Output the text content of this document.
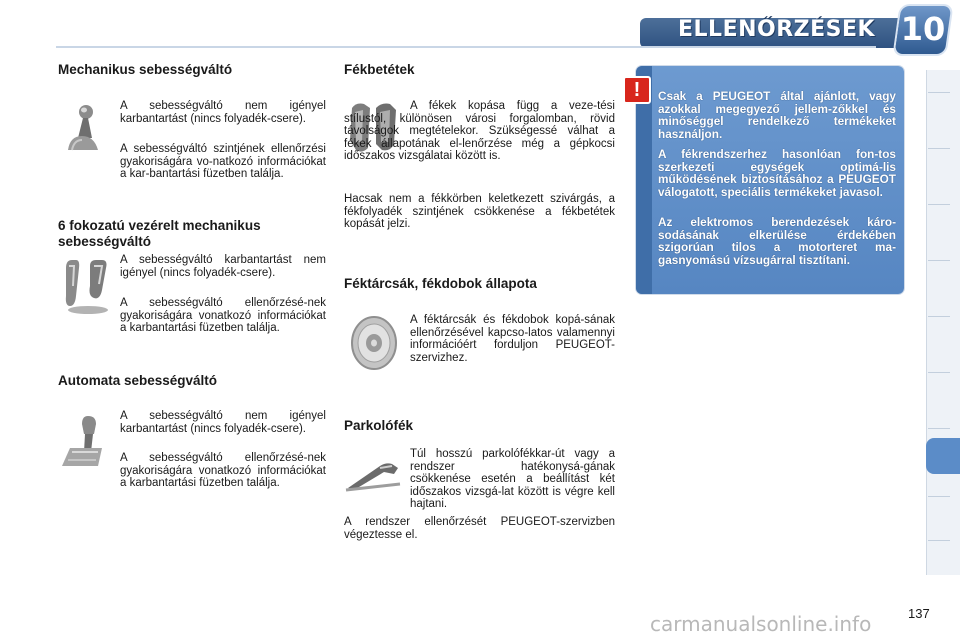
ELLENŐRZÉSEK 10
Mechanikus sebességváltó

A sebességváltó nem igényel karbantartást (nincs folyadék-csere).

A sebességváltó szintjének ellenőrzési gyakoriságára vo-natkozó információkat a kar-bantartási füzetben találja.

6 fokozatú vezérelt mechanikus sebességváltó

A sebességváltó karbantartást nem igényel (nincs folyadék-csere).

A sebességváltó ellenőrzésé-nek gyakoriságára vonatkozó információkat a karbantartási füzetben találja.

Automata sebességváltó

A sebességváltó nem igényel karbantartást (nincs folyadék-csere).

A sebességváltó ellenőrzésé-nek gyakoriságára vonatkozó információkat a karbantartási füzetben találja.

Fékbetétek

A fékek kopása függ a veze-tési stílustól, különösen városi forgalomban, rövid távolságok megtételekor. Szükségessé válhat a fékek állapotának el-lenőrzése még a gépkocsi időszakos vizsgálatai között is.

Hacsak nem a fékkörben keletkezett szivárgás, a fékfolyadék szintjének csökkenése a fékbetétek kopását jelzi.

Féktárcsák, fékdobok állapota

A féktárcsák és fékdobok kopá-sának ellenőrzésével kapcso-latos valamennyi információért forduljon PEUGEOT-szervizhez.

Parkolófék

Túl hosszú parkolófékkar-út vagy a rendszer hatékonysá-gának csökkenése esetén a beállítást két időszakos vizsgá-lat között is végre kell hajtani.

A rendszer ellenőrzését PEUGEOT-szervizben végeztesse el.

!	Csak a PEUGEOT által ajánlott, vagy azokkal megegyező jellem-zőkkel és minőséggel rendelkező termékeket használjon.

A fékrendszerhez hasonlóan fon-tos szerkezeti egységek optimá-lis működésének biztosításához a PEUGEOT válogatott, speciális termékeket javasol.

Az elektromos berendezések káro-sodásának elkerülése érdekében szigorúan tilos a motorteret ma-gasnyomású vízsugárral tisztítani.

carmanualsonline.info	137
